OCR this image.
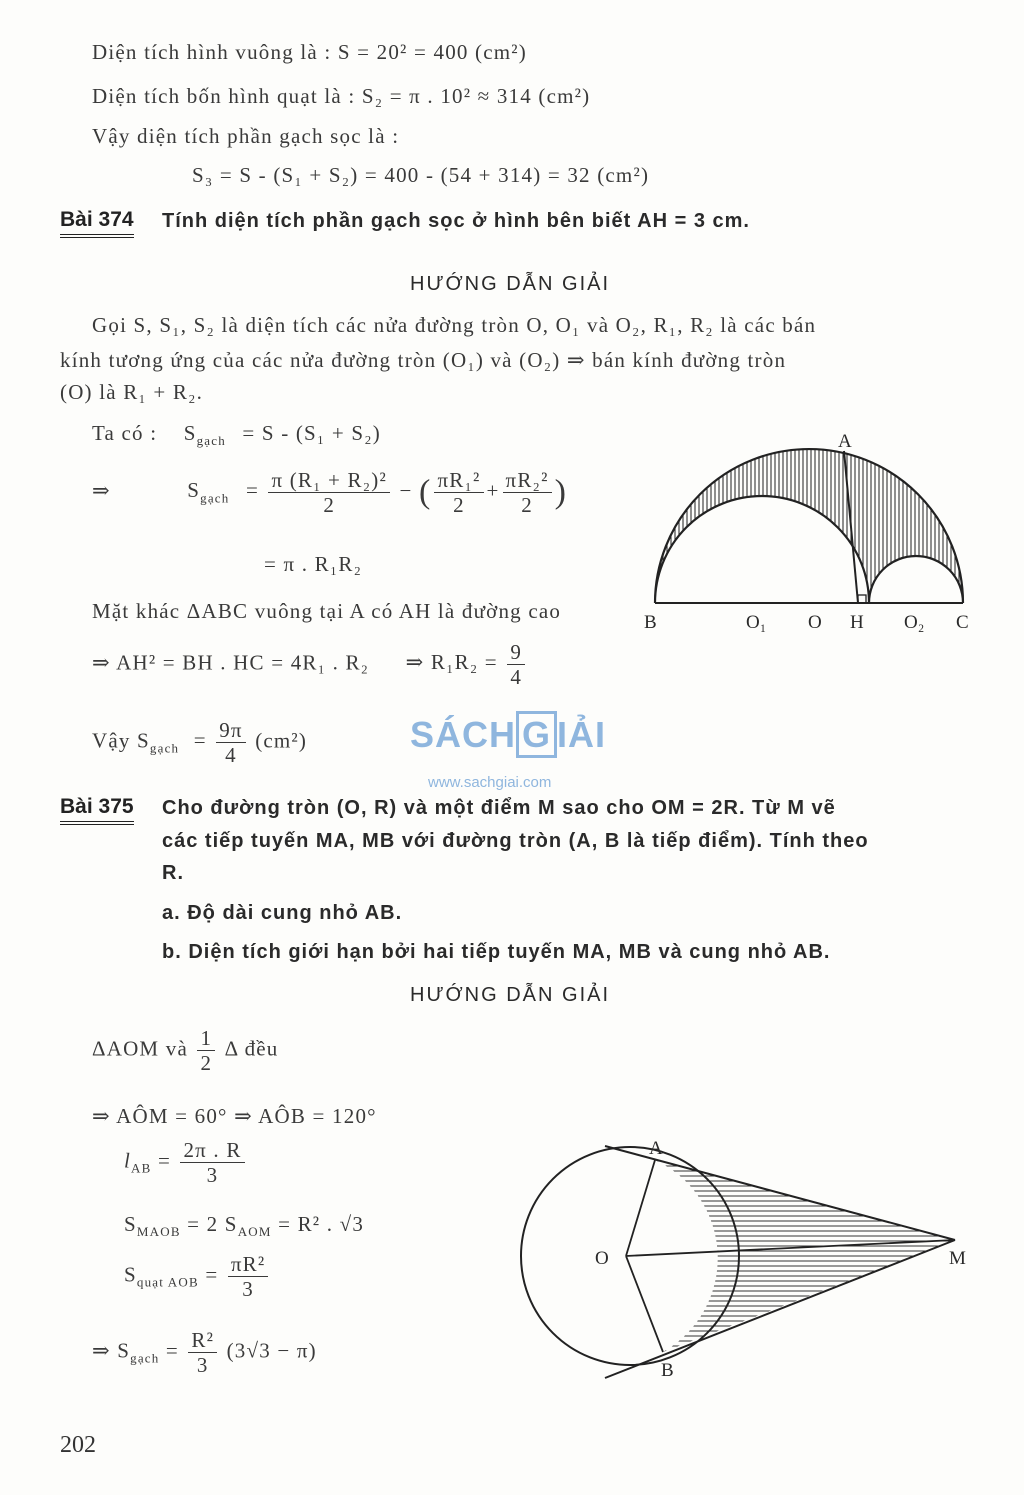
Diện tích hình vuông là : S = 20² = 400 (cm²)
Diện tích bốn hình quạt là : S₂ = π . 10² ≈ 314 (cm²)
Vậy diện tích phần gạch sọc là :
S₃ = S - (S₁ + S₂) = 400 - (54 + 314) = 32 (cm²)
Bài 374 Tính diện tích phần gạch sọc ở hình bên biết AH = 3 cm.
HƯỚNG DẪN GIẢI
Gọi S, S₁, S₂ là diện tích các nửa đường tròn O, O₁ và O₂, R₁, R₂ là các bán
kính tương ứng của các nửa đường tròn (O₁) và (O₂) ⇒ bán kính đường tròn
(O) là R₁ + R₂.
Ta có : $S_{gạch} = S - (S_1 + S_2)$
⇒	$S_{gạch} = \frac{\text{π (R₁ + R₂)²}}{2}$ − ( $\frac{\text{πR₁²}}{2} + \frac{\text{πR₂²}}{2}$ )
= π . R₁R₂
Mặt khác ΔABC vuông tại A có AH là đường cao
⇒ AH² = BH . HC = 4R₁ . R₂ ⇒ $R_1R_2 = \frac{9}{4}$
Vậy $S_{gạch} = \frac{9\pi}{4} (cm^2)$
A
B	O₁ O H O₂ C
SÁCH G IẢI
www.sachgiai.com
Bài 375 Cho đường tròn (O, R) và một điểm M sao cho OM = 2R. Từ M vẽ
các tiếp tuyến MA, MB với đường tròn (A, B là tiếp điểm). Tính theo
R.
a. Độ dài cung nhỏ AB.
b. Diện tích giới hạn bởi hai tiếp tuyến MA, MB và cung nhỏ AB.
HƯỚNG DẪN GIẢI
ΔAOM và $\frac{1}{2}$ Δ đều
⇒ AÔM = 60° ⇒ AÔB = 120°
$l_{AB} = \frac{2\pi . R}{3}$
$S_{MAOB} = 2$ $S_{AOM} = R^2$ . √3
$S_{quạt AOB} = \frac{\text{πR²}}{3}$
⇒ $S_{gạch} = \frac{\text{R²}}{3} (3√3 - \pi)$
A
O	M
B
202
